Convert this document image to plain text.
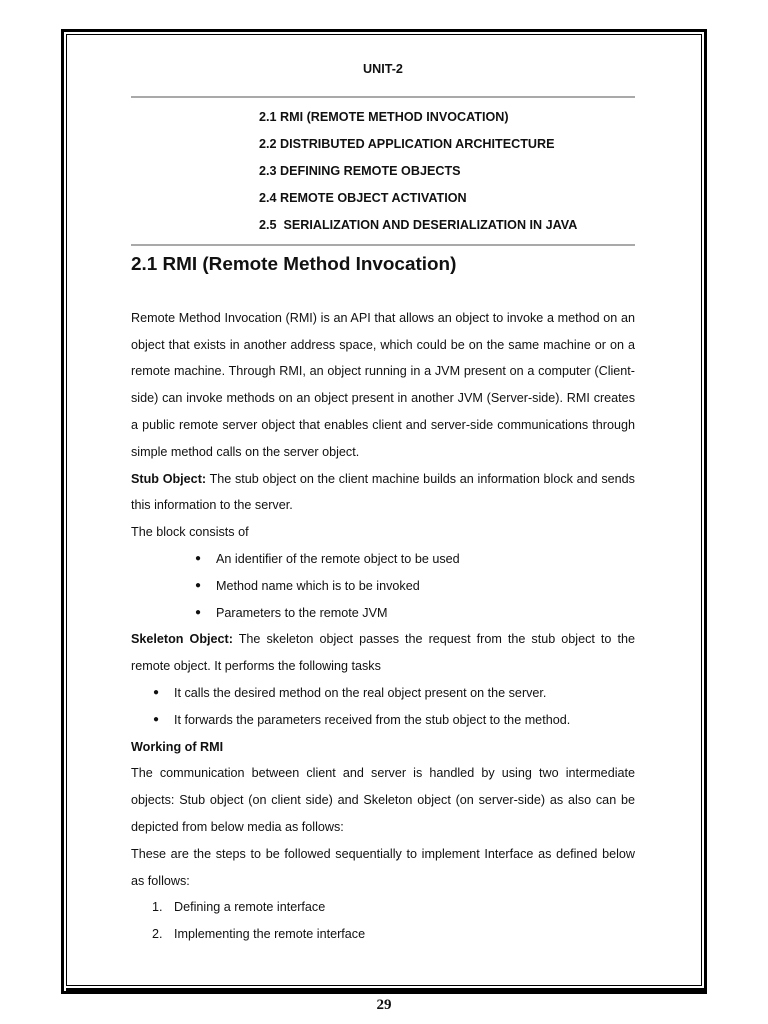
UNIT-2
2.1 RMI (REMOTE METHOD INVOCATION)
2.2 DISTRIBUTED APPLICATION ARCHITECTURE
2.3 DEFINING REMOTE OBJECTS
2.4 REMOTE OBJECT ACTIVATION
2.5  SERIALIZATION AND DESERIALIZATION IN JAVA
2.1 RMI (Remote Method Invocation)

Remote Method Invocation (RMI) is an API that allows an object to invoke a method on an object that exists in another address space, which could be on the same machine or on a remote machine. Through RMI, an object running in a JVM present on a computer (Client-side) can invoke methods on an object present in another JVM (Server-side). RMI creates a public remote server object that enables client and server-side communications through simple method calls on the server object.

Stub Object: The stub object on the client machine builds an information block and sends this information to the server.

The block consists of

● An identifier of the remote object to be used
● Method name which is to be invoked
● Parameters to the remote JVM

Skeleton Object: The skeleton object passes the request from the stub object to the remote object. It performs the following tasks

● It calls the desired method on the real object present on the server.
● It forwards the parameters received from the stub object to the method.

Working of RMI

The communication between client and server is handled by using two intermediate objects: Stub object (on client side) and Skeleton object (on server-side) as also can be depicted from below media as follows:

These are the steps to be followed sequentially to implement Interface as defined below as follows:

1. Defining a remote interface
2. Implementing the remote interface
29
